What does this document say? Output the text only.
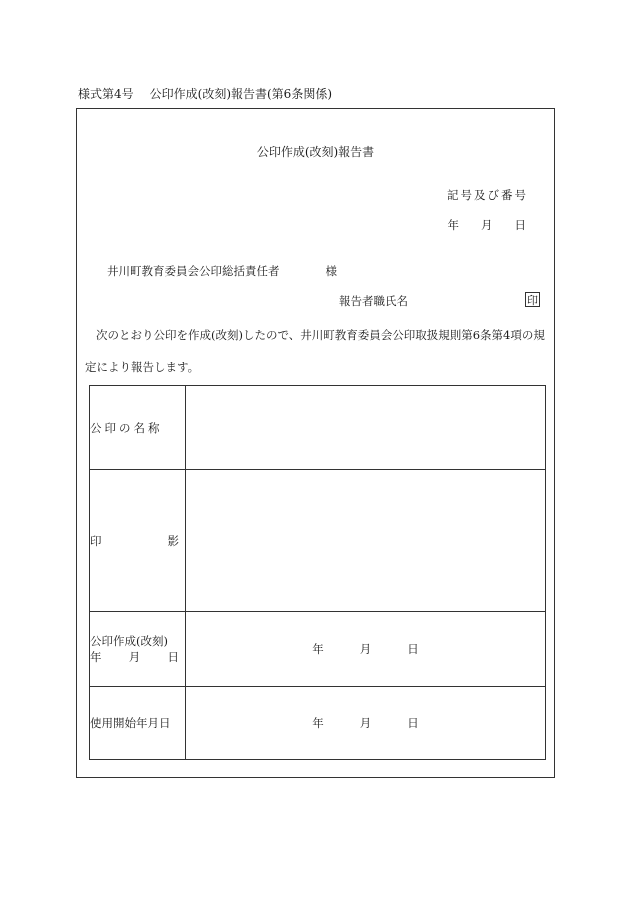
様式第4号 公印作成(改刻)報告書(第6条関係)
公印作成(改刻)報告書
記号及び番号
年 月 日
井川町教育委員会公印総括責任者	様
報告者職氏名	印
次のとおり公印を作成(改刻)したので、井川町教育委員会公印取扱規則第6条第4項の規定により報告します。
公印の名称	

印 影	

公印作成(改刻)
年 月 日	年 月 日
使用開始年月日	年 月 日
